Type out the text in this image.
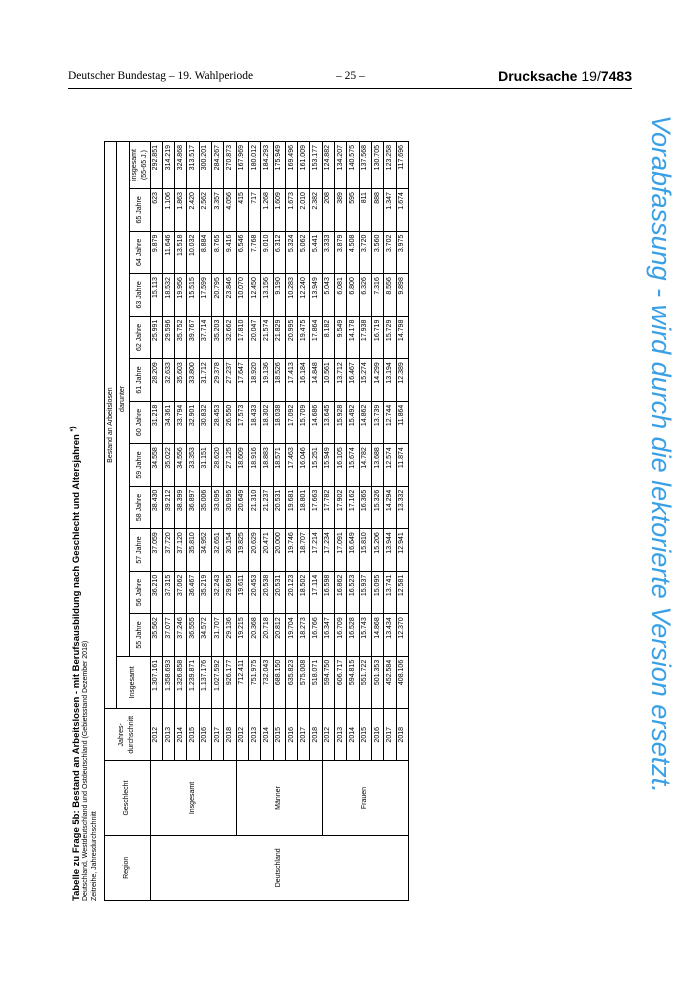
Deutscher Bundestag – 19. Wahlperiode	– 25 –	Drucksache 19/7483
Vorabfassung - wird durch die lektorierte Version ersetzt.
Tabelle zu Frage 5b: Bestand an Arbeitslosen - mit Berufsausbildung nach Geschlecht und Altersjahren *)
Deutschland, Westdeutschland und Ostdeutschland (Gebietsstand Dezember 2018) Zeitreihe, Jahresdurchschnitt	Region	Geschlecht	Jahres- durchschnitt	Bestand an Arbeitslosen												
			Insgesamt	darunter											
				55 Jahre	56 Jahre	57 Jahre	58 Jahre	59 Jahre	60 Jahre	61 Jahre	62 Jahre	63 Jahre	64 Jahre	65 Jahre	insgesamt (55-65 J.)
Deutschland	Insgesamt	2012	1.307.161	35.562	36.210	37.059	38.430	34.558	31.218	28.209	25.991	15.113	9.879	623	292.851
		2013	1.358.693	37.077	37.315	37.720	39.212	35.022	34.361	32.633	29.596	18.532	11.646	1.106	314.219
		2014	1.326.858	37.246	37.062	37.120	38.399	34.556	33.794	35.603	35.752	19.956	13.518	1.863	324.868
		2015	1.239.871	36.555	36.467	35.810	36.897	33.353	32.901	33.800	39.767	15.515	10.032	2.420	313.517
		2016	1.137.176	34.572	35.219	34.952	35.006	31.151	30.832	31.712	37.714	17.599	8.884	2.562	300.201
		2017	1.027.592	31.707	32.243	32.651	33.095	28.620	28.453	29.378	35.203	20.795	8.765	3.357	284.267
		2018	926.177	29.136	29.695	30.154	30.995	27.125	26.550	27.237	32.662	23.846	9.416	4.056	270.873
	Männer	2012	712.411	19.215	19.611	19.825	20.649	18.609	17.573	17.647	17.810	10.070	6.546	415	167.969
		2013	751.975	20.368	20.453	20.629	21.310	18.916	18.433	18.920	20.047	12.450	7.768	717	180.012
		2014	732.043	20.718	20.538	20.471	21.237	18.883	18.302	19.136	21.574	13.156	9.010	1.268	184.293
		2015	688.150	20.812	20.531	20.000	20.531	18.571	18.038	18.526	21.829	9.190	6.312	1.609	175.949
		2016	635.823	19.704	20.123	19.746	19.681	17.463	17.092	17.413	20.995	10.283	5.324	1.673	169.496
		2017	575.008	18.273	18.502	18.707	18.801	16.046	15.709	16.184	19.475	12.240	5.062	2.010	161.009
		2018	518.071	16.766	17.114	17.214	17.663	15.251	14.686	14.848	17.864	13.949	5.441	2.382	153.177
	Frauen	2012	594.750	16.347	16.598	17.234	17.782	15.949	13.645	10.561	8.182	5.043	3.333	208	124.882
		2013	606.717	16.709	16.862	17.091	17.902	16.105	15.928	13.712	9.549	6.081	3.879	389	134.207
		2014	594.815	16.528	16.523	16.649	17.162	15.674	15.492	16.467	14.178	6.800	4.508	595	140.575
		2015	551.722	15.743	15.937	15.810	16.365	14.782	14.862	15.274	17.938	6.326	3.720	811	137.568
		2016	501.353	14.868	15.095	15.206	15.326	13.688	13.739	14.299	16.719	7.316	3.560	888	130.705
		2017	452.584	13.434	13.741	13.944	14.294	12.574	12.744	13.194	15.729	8.556	3.702	1.347	123.258
		2018	408.106	12.370	12.581	12.941	13.332	11.874	11.864	12.389	14.798	9.898	3.975	1.674	117.696
